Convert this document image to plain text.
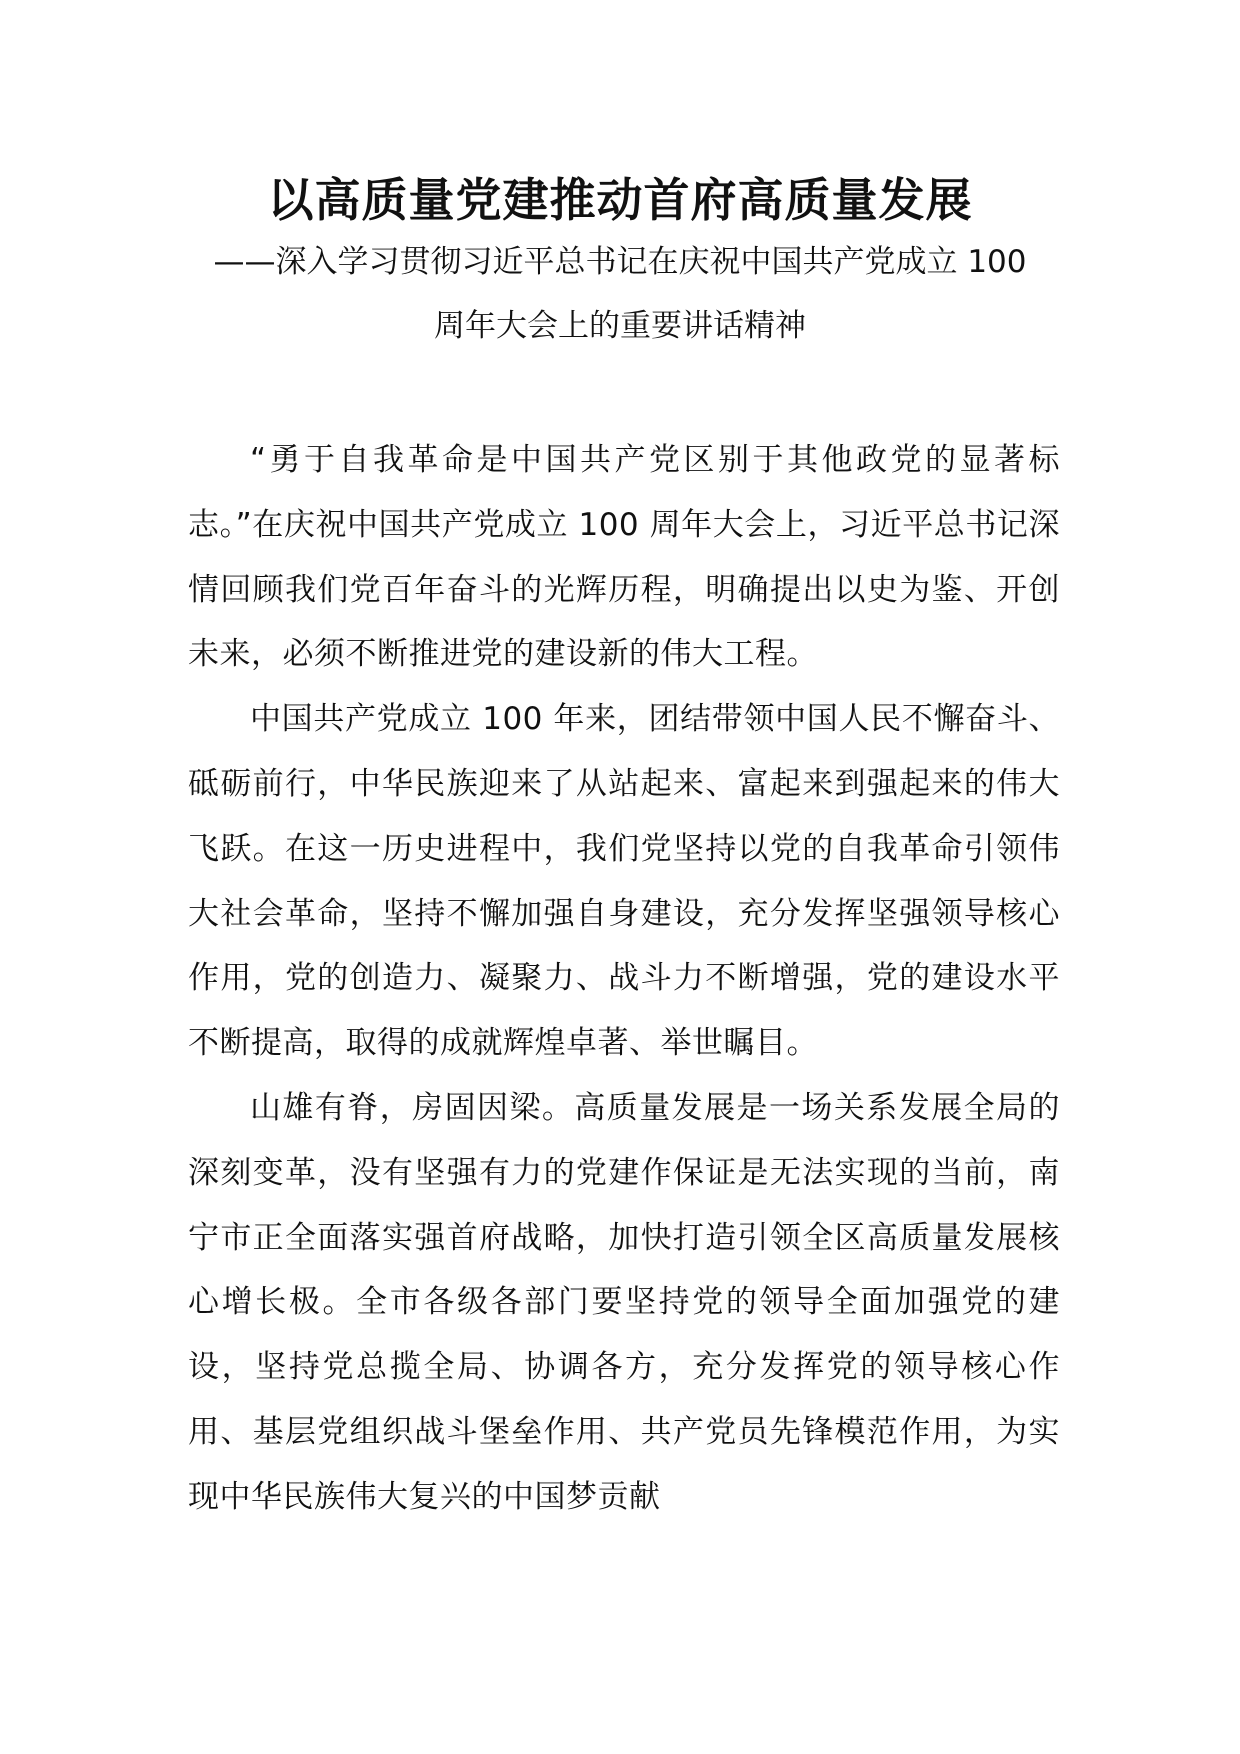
以高质量党建推动首府高质量发展

——深入学习贯彻习近平总书记在庆祝中国共产党成立 100

周年大会上的重要讲话精神

“勇于自我革命是中国共产党区别于其他政党的显著标志。”在庆祝中国共产党成立 100 周年大会上，习近平总书记深情回顾我们党百年奋斗的光辉历程，明确提出以史为鉴、开创未来，必须不断推进党的建设新的伟大工程。

中国共产党成立 100 年来，团结带领中国人民不懈奋斗、砥砺前行，中华民族迎来了从站起来、富起来到强起来的伟大飞跃。在这一历史进程中，我们党坚持以党的自我革命引领伟大社会革命，坚持不懈加强自身建设，充分发挥坚强领导核心作用，党的创造力、凝聚力、战斗力不断增强，党的建设水平不断提高，取得的成就辉煌卓著、举世瞩目。

山雄有脊，房固因梁。高质量发展是一场关系发展全局的深刻变革，没有坚强有力的党建作保证是无法实现的当前，南宁市正全面落实强首府战略，加快打造引领全区高质量发展核心增长极。全市各级各部门要坚持党的领导全面加强党的建设，坚持党总揽全局、协调各方，充分发挥党的领导核心作用、基层党组织战斗堡垒作用、共产党员先锋模范作用，为实现中华民族伟大复兴的中国梦贡献
